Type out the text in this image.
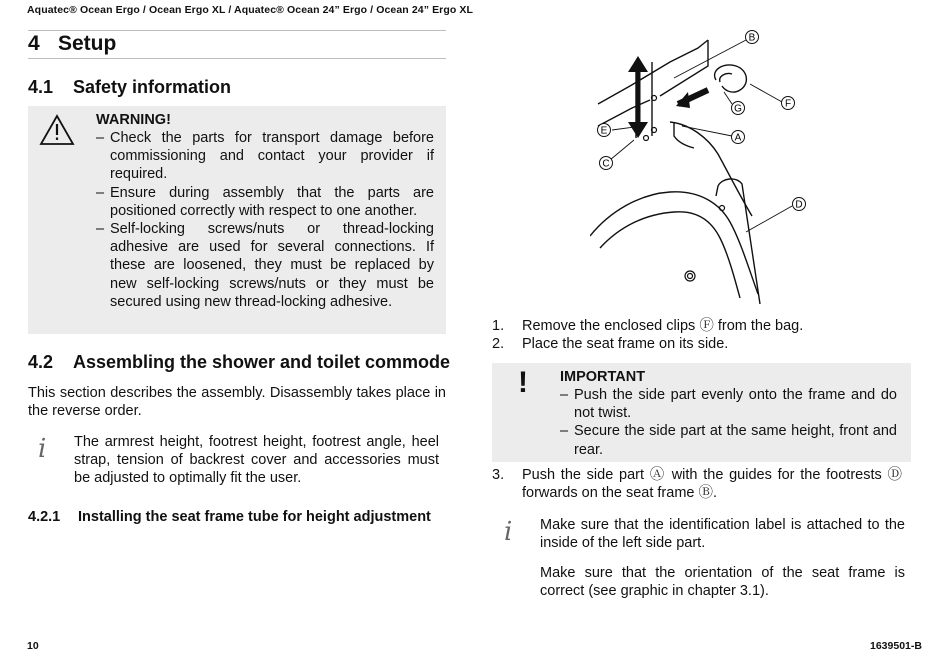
Aquatec® Ocean Ergo / Ocean Ergo XL / Aquatec® Ocean 24” Ergo / Ocean 24” Ergo XL
4 Setup
4.1 Safety information
WARNING!
– Check the parts for transport damage before commissioning and contact your provider if required.
– Ensure during assembly that the parts are positioned correctly with respect to one another.
– Self-locking screws/nuts or thread-locking adhesive are used for several connections. If these are loosened, they must be replaced by new self-locking screws/nuts or they must be secured using new thread-locking adhesive.
4.2 Assembling the shower and toilet commode
This section describes the assembly. Disassembly takes place in the reverse order.
i The armrest height, footrest height, footrest angle, heel strap, tension of backrest cover and accessories must be adjusted to optimally fit the user.
4.2.1 Installing the seat frame tube for height adjustment
B
F
G
E
A
C
D
1. Remove the enclosed clips Ⓕ from the bag.
2. Place the seat frame on its side.
! IMPORTANT
– Push the side part evenly onto the frame and do not twist.
– Secure the side part at the same height, front and rear.
3. Push the side part Ⓐ with the guides for the footrests Ⓓ forwards on the seat frame Ⓑ.
i Make sure that the identification label is attached to the inside of the left side part.
Make sure that the orientation of the seat frame is correct (see graphic in chapter 3.1).
10	1639501-B
